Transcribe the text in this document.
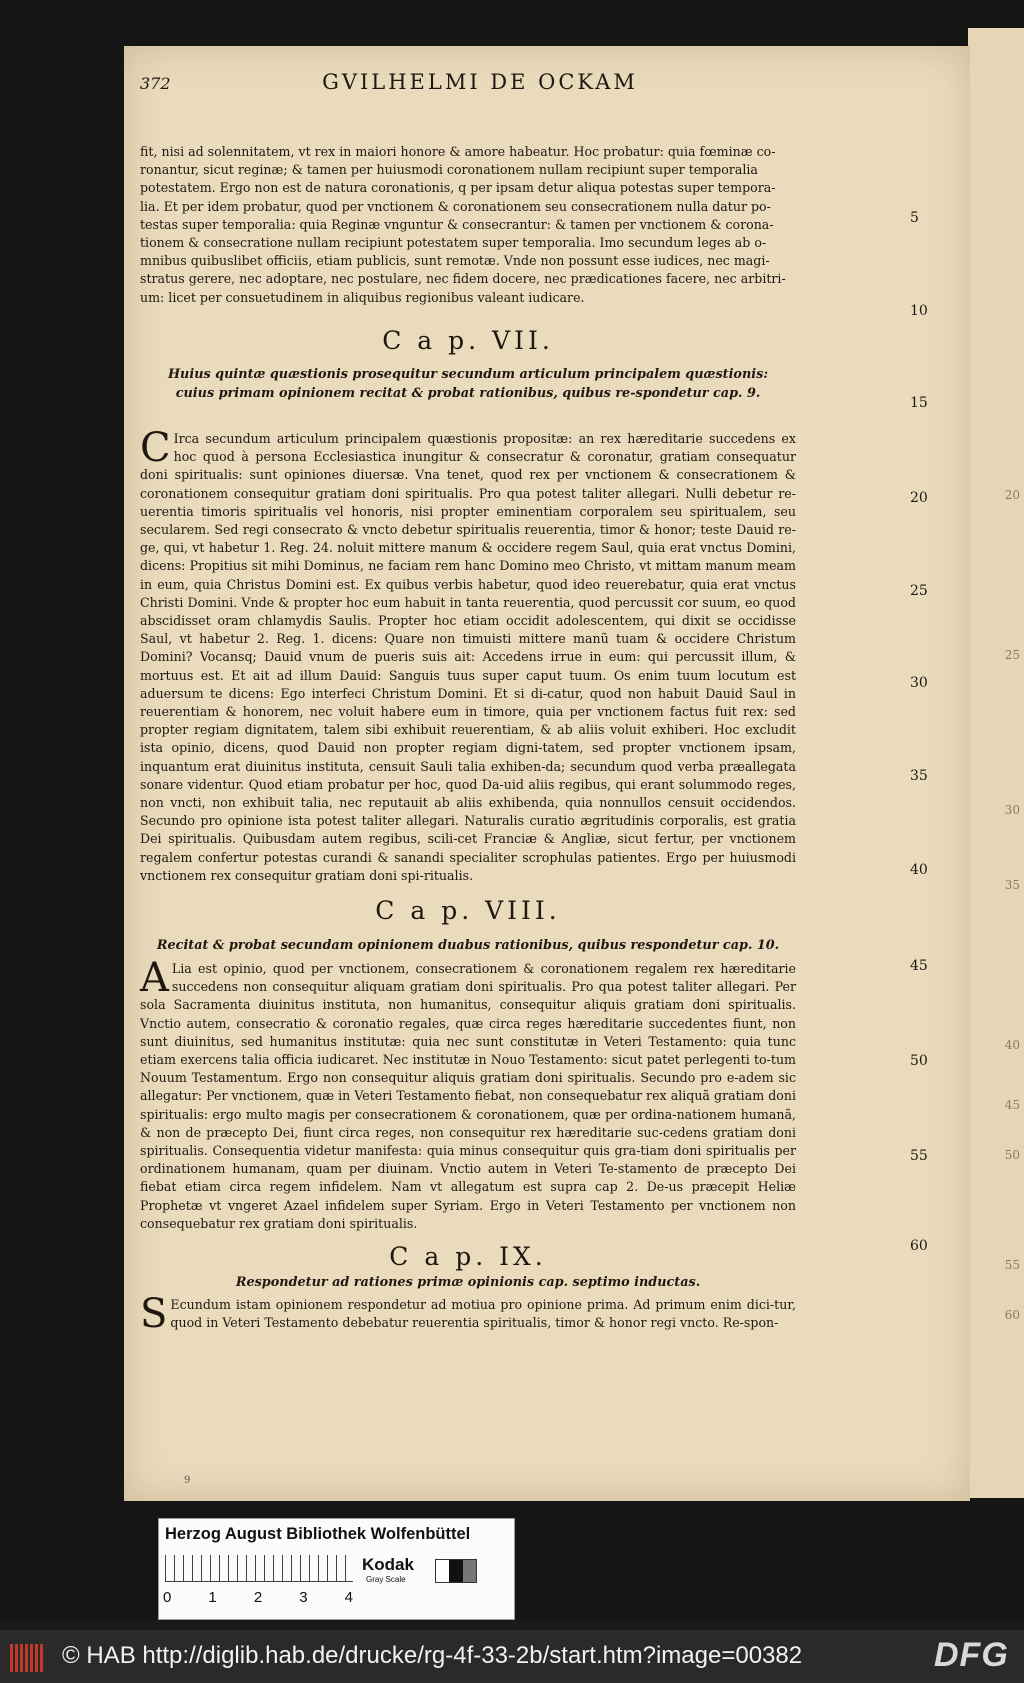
20
25
30
35
40
45
50
55
60
372	GVILHELMI DE OCKAM

fit, nisi ad solennitatem, vt rex in maiori honore & amore habeatur. Hoc probatur: quia fœminæ co-

ronantur, sicut reginæ; & tamen per huiusmodi coronationem nullam recipiunt super temporalia

potestatem. Ergo non est de natura coronationis, q per ipsam detur aliqua potestas super tempora-

lia. Et per idem probatur, quod per vnctionem & coronationem seu consecrationem nulla datur po-

testas super temporalia: quia Reginæ vnguntur & consecrantur: & tamen per vnctionem & corona-

tionem & consecratione nullam recipiunt potestatem super temporalia. Imo secundum leges ab o-

mnibus quibuslibet officiis, etiam publicis, sunt remotæ. Vnde non possunt esse iudices, nec magi-

stratus gerere, nec adoptare, nec postulare, nec fidem docere, nec prædicationes facere, nec arbitri-

um: licet per consuetudinem in aliquibus regionibus valeant iudicare.

C a p. VII.
Huius quintæ quæstionis prosequitur secundum articulum principalem quæstionis: cuius primam opinionem recitat & probat rationibus, quibus re-spondetur cap. 9.
C Irca secundum articulum principalem quæstionis propositæ: an rex hæreditarie succedens ex hoc quod à persona Ecclesiastica inungitur & consecratur & coronatur, gratiam consequatur doni spiritualis: sunt opiniones diuersæ. Vna tenet, quod rex per vnctionem & consecrationem & coronationem consequitur gratiam doni spiritualis. Pro qua potest taliter allegari. Nulli debetur re-uerentia timoris spiritualis vel honoris, nisi propter eminentiam corporalem seu spiritualem, seu secularem. Sed regi consecrato & vncto debetur spiritualis reuerentia, timor & honor; teste Dauid re-ge, qui, vt habetur 1. Reg. 24. noluit mittere manum & occidere regem Saul, quia erat vnctus Domini, dicens: Propitius sit mihi Dominus, ne faciam rem hanc Domino meo Christo, vt mittam manum meam in eum, quia Christus Domini est. Ex quibus verbis habetur, quod ideo reuerebatur, quia erat vnctus Christi Domini. Vnde & propter hoc eum habuit in tanta reuerentia, quod percussit cor suum, eo quod abscidisset oram chlamydis Saulis. Propter hoc etiam occidit adolescentem, qui dixit se occidisse Saul, vt habetur 2. Reg. 1. dicens: Quare non timuisti mittere manũ tuam & occidere Christum Domini? Vocansq; Dauid vnum de pueris suis ait: Accedens irrue in eum: qui percussit illum, & mortuus est. Et ait ad illum Dauid: Sanguis tuus super caput tuum. Os enim tuum locutum est aduersum te dicens: Ego interfeci Christum Domini. Et si di-catur, quod non habuit Dauid Saul in reuerentiam & honorem, nec voluit habere eum in timore, quia per vnctionem factus fuit rex: sed propter regiam dignitatem, talem sibi exhibuit reuerentiam, & ab aliis voluit exhiberi. Hoc excludit ista opinio, dicens, quod Dauid non propter regiam digni-tatem, sed propter vnctionem ipsam, inquantum erat diuinitus instituta, censuit Sauli talia exhiben-da; secundum quod verba præallegata sonare videntur. Quod etiam probatur per hoc, quod Da-uid aliis regibus, qui erant solummodo reges, non vncti, non exhibuit talia, nec reputauit ab aliis exhibenda, quia nonnullos censuit occidendos. Secundo pro opinione ista potest taliter allegari. Naturalis curatio ægritudinis corporalis, est gratia Dei spiritualis. Quibusdam autem regibus, scili-cet Franciæ & Angliæ, sicut fertur, per vnctionem regalem confertur potestas curandi & sanandi specialiter scrophulas patientes. Ergo per huiusmodi vnctionem rex consequitur gratiam doni spi-ritualis.
C a p. VIII.
Recitat & probat secundam opinionem duabus rationibus, quibus respondetur cap. 10.
A Lia est opinio, quod per vnctionem, consecrationem & coronationem regalem rex hæreditarie succedens non consequitur aliquam gratiam doni spiritualis. Pro qua potest taliter allegari. Per sola Sacramenta diuinitus instituta, non humanitus, consequitur aliquis gratiam doni spiritualis. Vnctio autem, consecratio & coronatio regales, quæ circa reges hæreditarie succedentes fiunt, non sunt diuinitus, sed humanitus institutæ: quia nec sunt constitutæ in Veteri Testamento: quia tunc etiam exercens talia officia iudicaret. Nec institutæ in Nouo Testamento: sicut patet perlegenti to-tum Nouum Testamentum. Ergo non consequitur aliquis gratiam doni spiritualis. Secundo pro e-adem sic allegatur: Per vnctionem, quæ in Veteri Testamento fiebat, non consequebatur rex aliquã gratiam doni spiritualis: ergo multo magis per consecrationem & coronationem, quæ per ordina-nationem humanã, & non de præcepto Dei, fiunt circa reges, non consequitur rex hæreditarie suc-cedens gratiam doni spiritualis. Consequentia videtur manifesta: quia minus consequitur quis gra-tiam doni spiritualis per ordinationem humanam, quam per diuinam. Vnctio autem in Veteri Te-stamento de præcepto Dei fiebat etiam circa regem infidelem. Nam vt allegatum est supra cap 2. De-us præcepit Heliæ Prophetæ vt vngeret Azael infidelem super Syriam. Ergo in Veteri Testamento per vnctionem non consequebatur rex gratiam doni spiritualis.
C a p. IX.
Respondetur ad rationes primæ opinionis cap. septimo inductas.
S Ecundum istam opinionem respondetur ad motiua pro opinione prima. Ad primum enim dici-tur, quod in Veteri Testamento debebatur reuerentia spiritualis, timor & honor regi vncto. Re-spon-
5
10
15
20
25
30
35
40
45
50
55
60
9
Herzog August Bibliothek Wolfenbüttel
0 1 2 3 4
Kodak
Gray Scale
© HAB http://diglib.hab.de/drucke/rg-4f-33-2b/start.htm?image=00382	DFG
